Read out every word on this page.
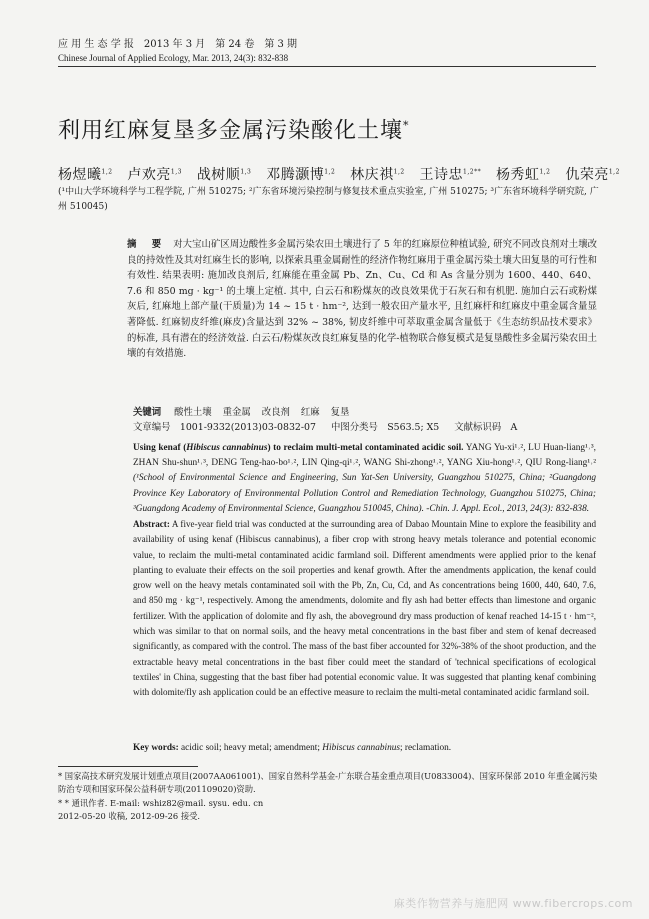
应 用 生 态 学 报　2013 年 3 月　第 24 卷　第 3 期
Chinese Journal of Applied Ecology, Mar. 2013, 24(3): 832-838
利用红麻复垦多金属污染酸化土壤*
杨煜曦$^{1,2}$ 卢欢亮$^{1,3}$ 战树顺$^{1,3}$ 邓腾灏博$^{1,2}$ 林庆祺$^{1,2}$ 王诗忠$^{1,2**}$ 杨秀虹$^{1,2}$ 仇荣亮$^{1,2}$
(¹中山大学环境科学与工程学院, 广州 510275; ²广东省环境污染控制与修复技术重点实验室, 广州 510275; ³广东省环境科学研究院, 广州 510045)
摘 要 对大宝山矿区周边酸性多金属污染农田土壤进行了 5 年的红麻原位种植试验, 研究不同改良剂对土壤改良的持效性及其对红麻生长的影响, 以探索具重金属耐性的经济作物红麻用于重金属污染土壤大田复垦的可行性和有效性. 结果表明: 施加改良剂后, 红麻能在重金属 Pb、Zn、Cu、Cd 和 As 含量分别为 1600、440、640、7.6 和 850 mg · kg⁻¹ 的土壤上定植. 其中, 白云石和粉煤灰的改良效果优于石灰石和有机肥. 施加白云石或粉煤灰后, 红麻地上部产量(干质量)为 14 ~ 15 t · hm⁻², 达到一般农田产量水平, 且红麻杆和红麻皮中重金属含量显著降低. 红麻韧皮纤维(麻皮)含量达到 32% ~ 38%, 韧皮纤维中可萃取重金属含量低于《生态纺织品技术要求》的标准, 具有潜在的经济效益. 白云石/粉煤灰改良红麻复垦的化学-植物联合修复模式是复垦酸性多金属污染农田土壤的有效措施.
关键词 酸性土壤 重金属 改良剂 红麻 复垦
文章编号　1001-9332(2013)03-0832-07 中图分类号　S563.5; X5 文献标识码　A
Using kenaf (Hibiscus cannabinus) to reclaim multi-metal contaminated acidic soil. YANG Yu-xi¹˒², LU Huan-liang¹˒³, ZHAN Shu-shun¹˒³, DENG Teng-hao-bo¹˒², LIN Qing-qi¹˒², WANG Shi-zhong¹˒², YANG Xiu-hong¹˒², QIU Rong-liang¹˒² (¹School of Environmental Science and Engineering, Sun Yat-Sen University, Guangzhou 510275, China; ²Guangdong Province Key Laboratory of Environmental Pollution Control and Remediation Technology, Guangzhou 510275, China; ³Guangdong Academy of Environmental Science, Guangzhou 510045, China). -Chin. J. Appl. Ecol., 2013, 24(3): 832-838.
Abstract: A five-year field trial was conducted at the surrounding area of Dabao Mountain Mine to explore the feasibility and availability of using kenaf (Hibiscus cannabinus), a fiber crop with strong heavy metals tolerance and potential economic value, to reclaim the multi-metal contaminated acidic farmland soil. Different amendments were applied prior to the kenaf planting to evaluate their effects on the soil properties and kenaf growth. After the amendments application, the kenaf could grow well on the heavy metals contaminated soil with the Pb, Zn, Cu, Cd, and As concentrations being 1600, 440, 640, 7.6, and 850 mg · kg⁻¹, respectively. Among the amendments, dolomite and fly ash had better effects than limestone and organic fertilizer. With the application of dolomite and fly ash, the aboveground dry mass production of kenaf reached 14-15 t · hm⁻², which was similar to that on normal soils, and the heavy metal concentrations in the bast fiber and stem of kenaf decreased significantly, as compared with the control. The mass of the bast fiber accounted for 32%-38% of the shoot production, and the extractable heavy metal concentrations in the bast fiber could meet the standard of 'technical specifications of ecological textiles' in China, suggesting that the bast fiber had potential economic value. It was suggested that planting kenaf combining with dolomite/fly ash application could be an effective measure to reclaim the multi-metal contaminated acidic farmland soil.
Key words: acidic soil; heavy metal; amendment; Hibiscus cannabinus; reclamation.
* 国家高技术研究发展计划重点项目(2007AA061001)、国家自然科学基金-广东联合基金重点项目(U0833004)、国家环保部 2010 年重金属污染防治专项和国家环保公益科研专项(201109020)资助.
* * 通讯作者. E-mail: wshiz82@mail. sysu. edu. cn
2012-05-20 收稿, 2012-09-26 接受.
麻类作物营养与施肥网 www.fibercrops.com
